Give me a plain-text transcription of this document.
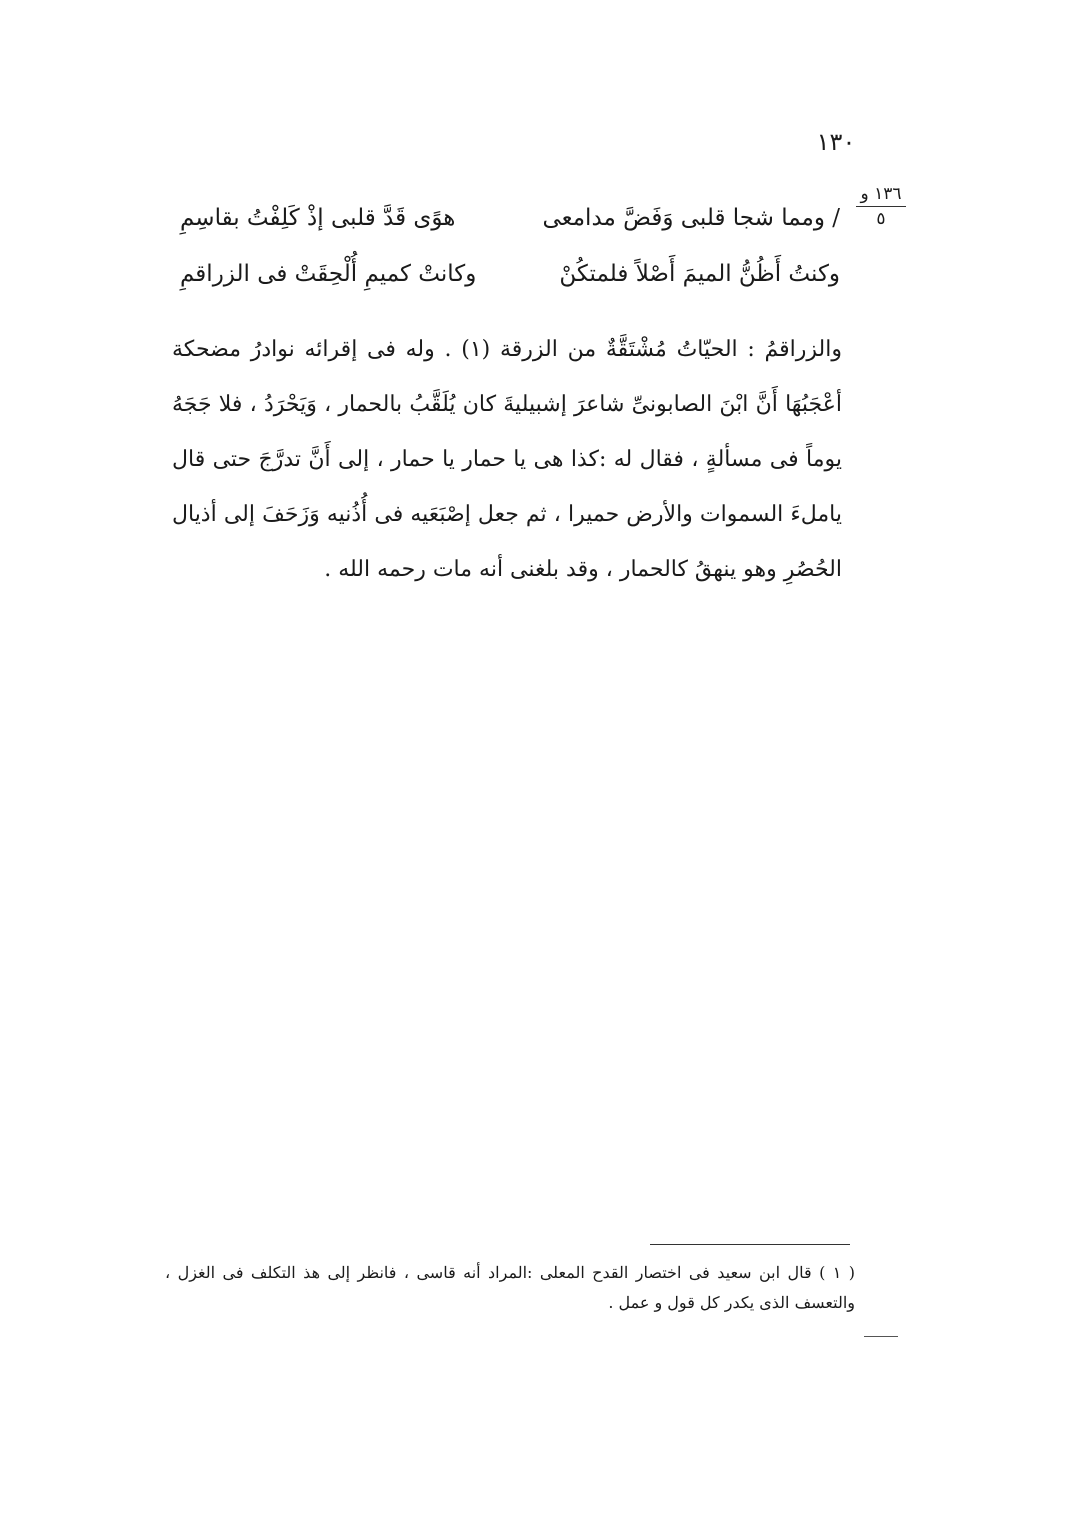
١٣٠
١٣٦ و
٥
/ ومما شجا قلبى وَفَضَّ مدامعى
هوًى قَدَّ قلبى إذْ كَلِفْتُ بقاسِمِ
وكنتُ أَظُنُّ الميمَ أَصْلاً فلمتكُنْ
وكانتْ كميمِ أُلْحِقَتْ فى الزراقمِ

والزراقمُ : الحيّاتُ مُشْتَقَّةٌ من الزرقة (١) . وله فى إقرائه نوادرُ مضحكة أعْجَبُهَا أَنَّ ابْنَ الصابونىِّ شاعرَ إشبيليةَ كان يُلَقَّبُ بالحمار ، وَيَحْرَدُ ، فلا جَجَهُ يوماً فى مسألةٍ ، فقال له :كذا هى يا حمار يا حمار ، إلى أَنَّ تدرَّجَ حتى قال ياملءَ السموات والأرض حميرا ، ثم جعل إصْبَعَيه فى أُذُنيه وَزَحَفَ إلى أذيال الحُصُرِ وهو ينهقُ كالحمار ، وقد بلغنى أنه مات رحمه الله .

( ١ ) قال ابن سعيد فى اختصار القدح المعلى :المراد أنه قاسى ، فانظر إلى هذ التكلف فى الغزل ، والتعسف الذى يكدر كل قول و عمل .
